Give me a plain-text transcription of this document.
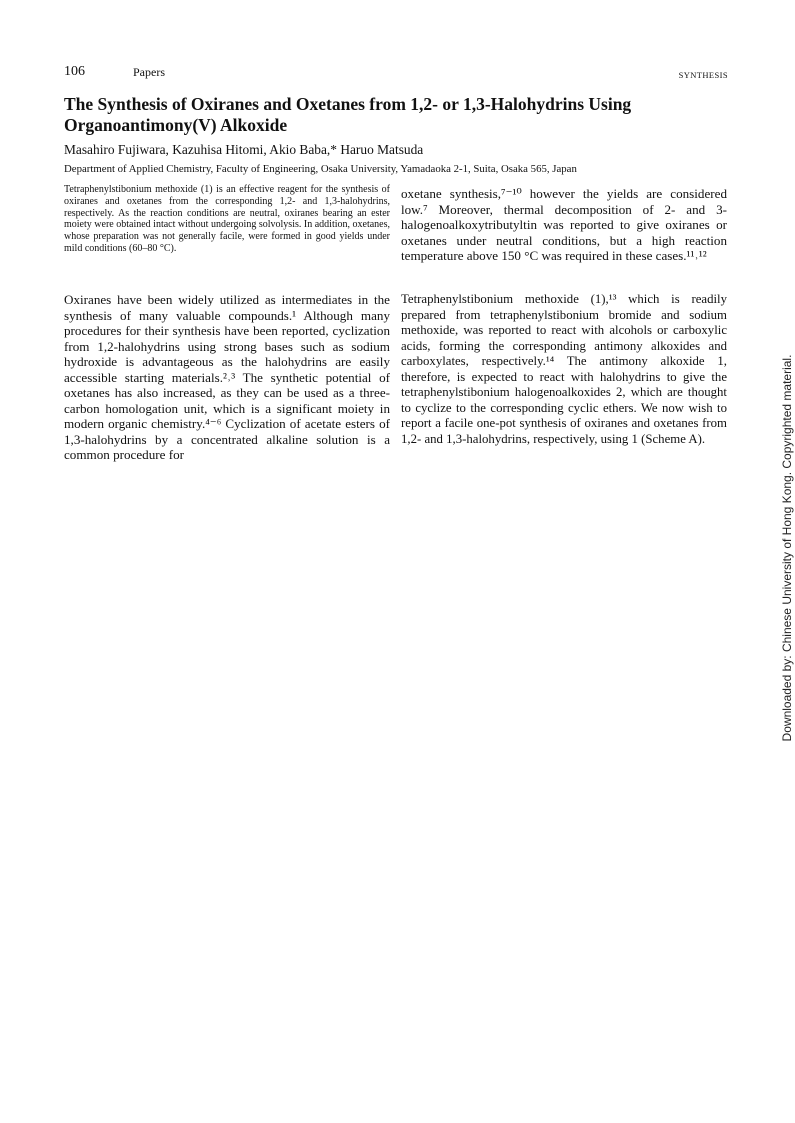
106	Papers	SYNTHESIS
The Synthesis of Oxiranes and Oxetanes from 1,2- or 1,3-Halohydrins Using Organoantimony(V) Alkoxide
Masahiro Fujiwara, Kazuhisa Hitomi, Akio Baba,* Haruo Matsuda
Department of Applied Chemistry, Faculty of Engineering, Osaka University, Yamadaoka 2-1, Suita, Osaka 565, Japan

Tetraphenylstibonium methoxide (1) is an effective reagent for the synthesis of oxiranes and oxetanes from the corresponding 1,2- and 1,3-halohydrins, respectively. As the reaction conditions are neutral, oxiranes bearing an ester moiety were obtained intact without undergoing solvolysis. In addition, oxetanes, whose preparation was not generally facile, were formed in good yields under mild conditions (60–80 °C).

Oxiranes have been widely utilized as intermediates in the synthesis of many valuable compounds.¹ Although many procedures for their synthesis have been reported, cyclization from 1,2-halohydrins using strong bases such as sodium hydroxide is advantageous as the halohydrins are easily accessible starting materials.²˒³ The synthetic potential of oxetanes has also increased, as they can be used as a three-carbon homologation unit, which is a significant moiety in modern organic chemistry.⁴⁻⁶ Cyclization of acetate esters of 1,3-halohydrins by a concentrated alkaline solution is a common procedure for

oxetane synthesis,⁷⁻¹⁰ however the yields are considered low.⁷ Moreover, thermal decomposition of 2- and 3-halogenoalkoxytributyltin was reported to give oxiranes or oxetanes under neutral conditions, but a high reaction temperature above 150 °C was required in these cases.¹¹˒¹²

Tetraphenylstibonium methoxide (1),¹³ which is readily prepared from tetraphenylstibonium bromide and sodium methoxide, was reported to react with alcohols or carboxylic acids, forming the corresponding antimony alkoxides and carboxylates, respectively.¹⁴ The antimony alkoxide 1, therefore, is expected to react with halohydrins to give the tetraphenylstibonium halogenoalkoxides 2, which are thought to cyclize to the corresponding cyclic ethers. We now wish to report a facile one-pot synthesis of oxiranes and oxetanes from 1,2- and 1,3-halohydrins, respectively, using 1 (Scheme A).	Downloaded by: Chinese University of Hong Kong. Copyrighted material.
